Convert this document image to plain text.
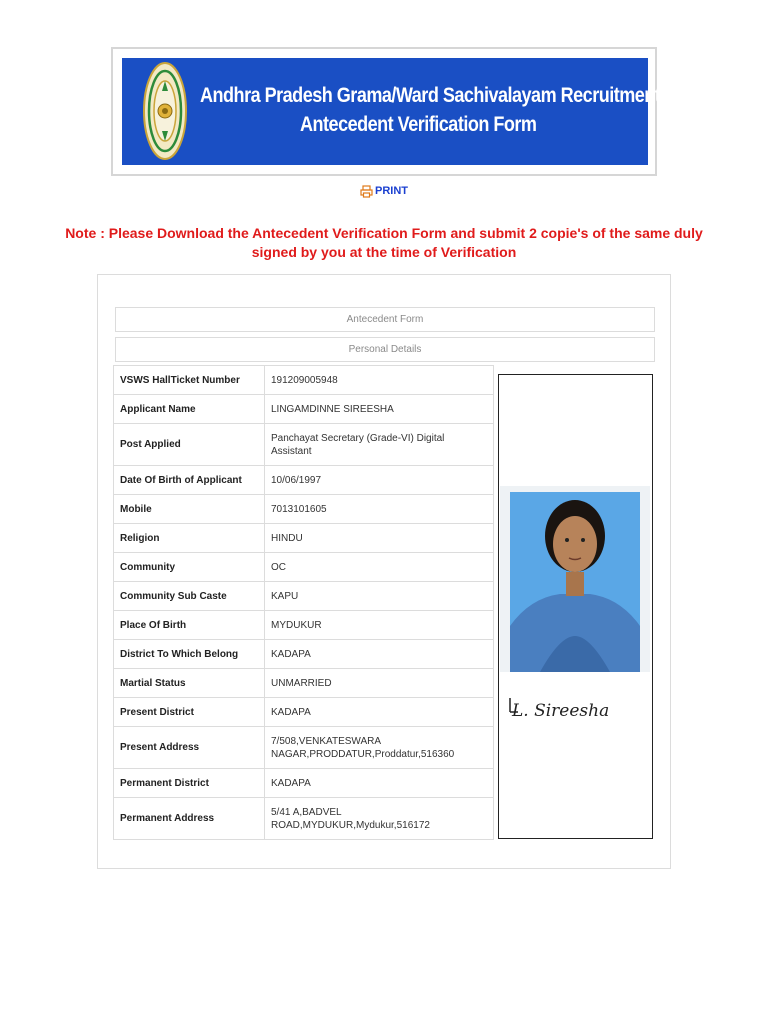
Andhra Pradesh Grama/Ward Sachivalayam Recruitment - 2019
Antecedent Verification Form
PRINT
Note : Please Download the Antecedent Verification Form and submit 2 copie's of the same duly signed by you at the time of Verification
Antecedent Form
Personal Details
VSWS HallTicket Number	191209005948
Applicant Name	LINGAMDINNE SIREESHA
Post Applied	Panchayat Secretary (Grade-VI) Digital Assistant
Date Of Birth of Applicant	10/06/1997
Mobile	7013101605
Religion	HINDU
Community	OC
Community Sub Caste	KAPU
Place Of Birth	MYDUKUR
District To Which Belong	KADAPA
Martial Status	UNMARRIED
Present District	KADAPA
Present Address	7/508,VENKATESWARA NAGAR,PRODDATUR,Proddatur,516360
Permanent District	KADAPA
Permanent Address	5/41 A,BADVEL ROAD,MYDUKUR,Mydukur,516172
L. Sireesha
